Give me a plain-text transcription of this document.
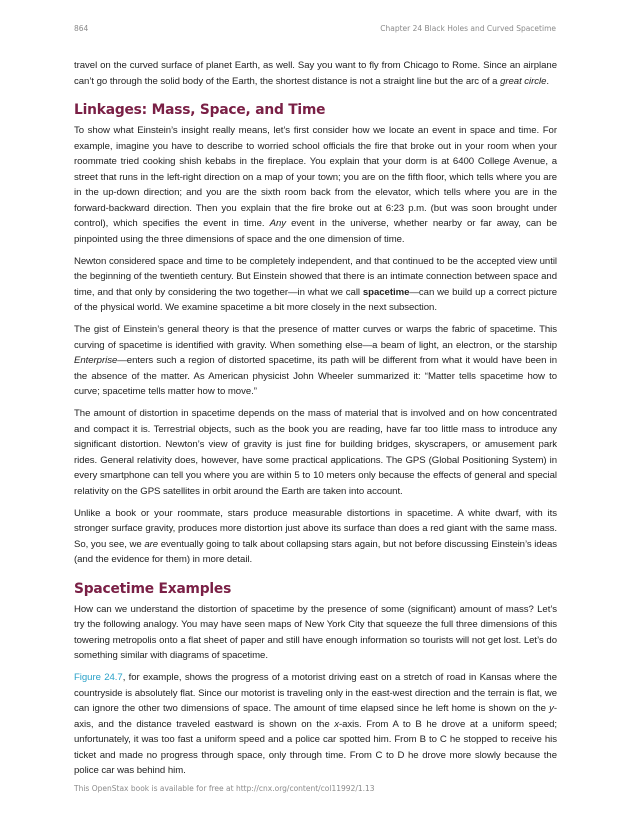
864	Chapter 24 Black Holes and Curved Spacetime

travel on the curved surface of planet Earth, as well. Say you want to fly from Chicago to Rome. Since an airplane can’t go through the solid body of the Earth, the shortest distance is not a straight line but the arc of a great circle.

Linkages: Mass, Space, and Time

To show what Einstein’s insight really means, let’s first consider how we locate an event in space and time. For example, imagine you have to describe to worried school officials the fire that broke out in your room when your roommate tried cooking shish kebabs in the fireplace. You explain that your dorm is at 6400 College Avenue, a street that runs in the left-right direction on a map of your town; you are on the fifth floor, which tells where you are in the up-down direction; and you are the sixth room back from the elevator, which tells where you are in the forward-backward direction. Then you explain that the fire broke out at 6:23 p.m. (but was soon brought under control), which specifies the event in time. Any event in the universe, whether nearby or far away, can be pinpointed using the three dimensions of space and the one dimension of time.

Newton considered space and time to be completely independent, and that continued to be the accepted view until the beginning of the twentieth century. But Einstein showed that there is an intimate connection between space and time, and that only by considering the two together—in what we call spacetime—can we build up a correct picture of the physical world. We examine spacetime a bit more closely in the next subsection.

The gist of Einstein’s general theory is that the presence of matter curves or warps the fabric of spacetime. This curving of spacetime is identified with gravity. When something else—a beam of light, an electron, or the starship Enterprise—enters such a region of distorted spacetime, its path will be different from what it would have been in the absence of the matter. As American physicist John Wheeler summarized it: “Matter tells spacetime how to curve; spacetime tells matter how to move.”

The amount of distortion in spacetime depends on the mass of material that is involved and on how concentrated and compact it is. Terrestrial objects, such as the book you are reading, have far too little mass to introduce any significant distortion. Newton’s view of gravity is just fine for building bridges, skyscrapers, or amusement park rides. General relativity does, however, have some practical applications. The GPS (Global Positioning System) in every smartphone can tell you where you are within 5 to 10 meters only because the effects of general and special relativity on the GPS satellites in orbit around the Earth are taken into account.

Unlike a book or your roommate, stars produce measurable distortions in spacetime. A white dwarf, with its stronger surface gravity, produces more distortion just above its surface than does a red giant with the same mass. So, you see, we are eventually going to talk about collapsing stars again, but not before discussing Einstein’s ideas (and the evidence for them) in more detail.

Spacetime Examples

How can we understand the distortion of spacetime by the presence of some (significant) amount of mass? Let’s try the following analogy. You may have seen maps of New York City that squeeze the full three dimensions of this towering metropolis onto a flat sheet of paper and still have enough information so tourists will not get lost. Let’s do something similar with diagrams of spacetime.

Figure 24.7, for example, shows the progress of a motorist driving east on a stretch of road in Kansas where the countryside is absolutely flat. Since our motorist is traveling only in the east-west direction and the terrain is flat, we can ignore the other two dimensions of space. The amount of time elapsed since he left home is shown on the y-axis, and the distance traveled eastward is shown on the x-axis. From A to B he drove at a uniform speed; unfortunately, it was too fast a uniform speed and a police car spotted him. From B to C he stopped to receive his ticket and made no progress through space, only through time. From C to D he drove more slowly because the police car was behind him.

This OpenStax book is available for free at http://cnx.org/content/col11992/1.13
